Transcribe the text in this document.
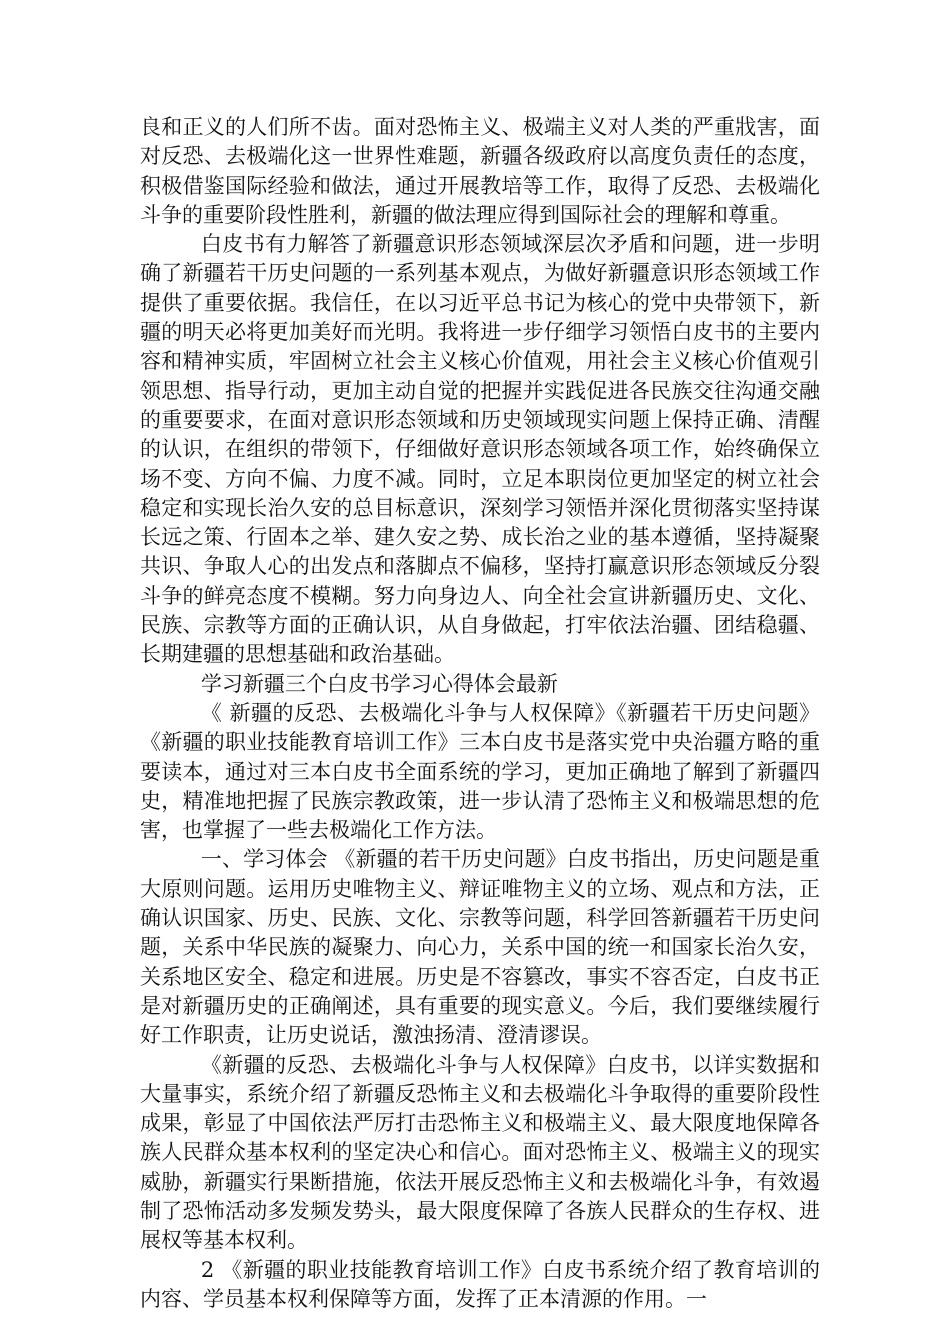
良和正义的人们所不齿。面对恐怖主义、极端主义对人类的严重戕害，面对反恐、去极端化这一世界性难题，新疆各级政府以高度负责任的态度，积极借鉴国际经验和做法，通过开展教培等工作，取得了反恐、去极端化斗争的重要阶段性胜利，新疆的做法理应得到国际社会的理解和尊重。

白皮书有力解答了新疆意识形态领域深层次矛盾和问题，进一步明确了新疆若干历史问题的一系列基本观点，为做好新疆意识形态领域工作提供了重要依据。我信任，在以习近平总书记为核心的党中央带领下，新疆的明天必将更加美好而光明。我将进一步仔细学习领悟白皮书的主要内容和精神实质，牢固树立社会主义核心价值观，用社会主义核心价值观引领思想、指导行动，更加主动自觉的把握并实践促进各民族交往沟通交融的重要要求，在面对意识形态领域和历史领域现实问题上保持正确、清醒的认识，在组织的带领下，仔细做好意识形态领域各项工作，始终确保立场不变、方向不偏、力度不减。同时，立足本职岗位更加坚定的树立社会稳定和实现长治久安的总目标意识，深刻学习领悟并深化贯彻落实坚持谋长远之策、行固本之举、建久安之势、成长治之业的基本遵循，坚持凝聚共识、争取人心的出发点和落脚点不偏移，坚持打赢意识形态领域反分裂斗争的鲜亮态度不模糊。努力向身边人、向全社会宣讲新疆历史、文化、民族、宗教等方面的正确认识，从自身做起，打牢依法治疆、团结稳疆、长期建疆的思想基础和政治基础。

学习新疆三个白皮书学习心得体会最新

《 新疆的反恐、去极端化斗争与人权保障》《新疆若干历史问题》《新疆的职业技能教育培训工作》三本白皮书是落实党中央治疆方略的重要读本，通过对三本白皮书全面系统的学习，更加正确地了解到了新疆四史，精准地把握了民族宗教政策，进一步认清了恐怖主义和极端思想的危害，也掌握了一些去极端化工作方法。

一、学习体会 《新疆的若干历史问题》白皮书指出，历史问题是重大原则问题。运用历史唯物主义、辩证唯物主义的立场、观点和方法，正确认识国家、历史、民族、文化、宗教等问题，科学回答新疆若干历史问题，关系中华民族的凝聚力、向心力，关系中国的统一和国家长治久安，关系地区安全、稳定和进展。历史是不容篡改，事实不容否定，白皮书正是对新疆历史的正确阐述，具有重要的现实意义。今后，我们要继续履行好工作职责，让历史说话，激浊扬清、澄清谬误。

《新疆的反恐、去极端化斗争与人权保障》白皮书，以详实数据和大量事实，系统介绍了新疆反恐怖主义和去极端化斗争取得的重要阶段性成果，彰显了中国依法严厉打击恐怖主义和极端主义、最大限度地保障各族人民群众基本权利的坚定决心和信心。面对恐怖主义、极端主义的现实威胁，新疆实行果断措施，依法开展反恐怖主义和去极端化斗争，有效遏制了恐怖活动多发频发势头，最大限度保障了各族人民群众的生存权、进展权等基本权利。

2 《新疆的职业技能教育培训工作》白皮书系统介绍了教育培训的内容、学员基本权利保障等方面，发挥了正本清源的作用。一
